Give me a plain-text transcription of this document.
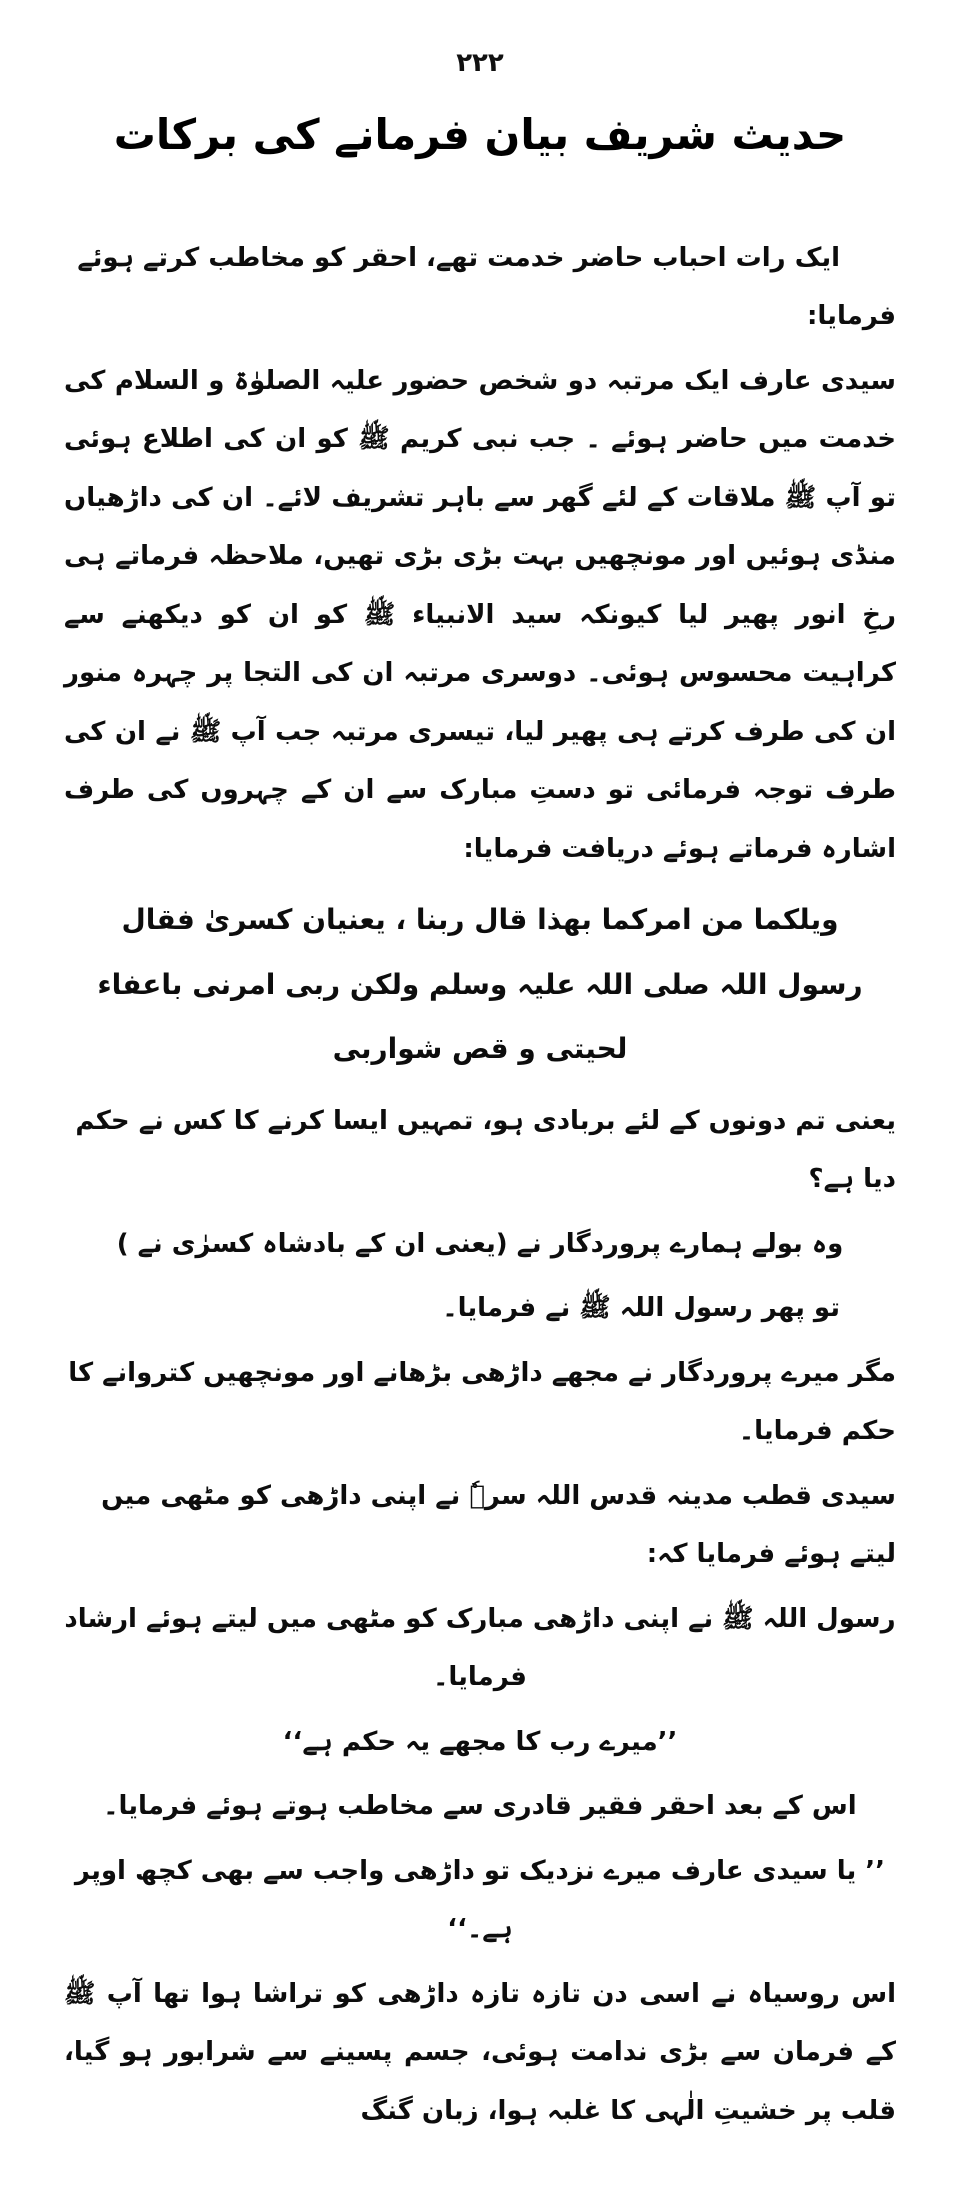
۲۲۲
حدیث شریف بیان فرمانے کی برکات

ایک رات احباب حاضر خدمت تھے، احقر کو مخاطب کرتے ہوئے فرمایا:

سیدی عارف ایک مرتبہ دو شخص حضور علیہ الصلوٰۃ و السلام کی خدمت میں حاضر ہوئے ۔ جب نبی کریم ﷺ کو ان کی اطلاع ہوئی تو آپ ﷺ ملاقات کے لئے گھر سے باہر تشریف لائے۔ ان کی داڑھیاں منڈی ہوئیں اور مونچھیں بہت بڑی بڑی تھیں، ملاحظہ فرماتے ہی رخِ انور پھیر لیا کیونکہ سید الانبیاء ﷺ کو ان کو دیکھنے سے کراہیت محسوس ہوئی۔ دوسری مرتبہ ان کی التجا پر چہرہ منور ان کی طرف کرتے ہی پھیر لیا، تیسری مرتبہ جب آپ ﷺ نے ان کی طرف توجہ فرمائی تو دستِ مبارک سے ان کے چہروں کی طرف اشارہ فرماتے ہوئے دریافت فرمایا:

ویلکما من امرکما بھذا قال ربنا ، یعنیان کسریٰ فقال رسول اللہ صلی اللہ علیہ وسلم ولکن ربی امرنی باعفاء لحیتی و قص شواربی

یعنی تم دونوں کے لئے بربادی ہو، تمہیں ایسا کرنے کا کس نے حکم دیا ہے؟

وہ بولے ہمارے پروردگار نے (یعنی ان کے بادشاہ کسرٰی نے )

تو پھر رسول اللہ ﷺ نے فرمایا۔

مگر میرے پروردگار نے مجھے داڑھی بڑھانے اور مونچھیں کتروانے کا حکم فرمایا۔

سیدی قطب مدینہ قدس اللہ سرہٗ نے اپنی داڑھی کو مٹھی میں لیتے ہوئے فرمایا کہ:

رسول اللہ ﷺ نے اپنی داڑھی مبارک کو مٹھی میں لیتے ہوئے ارشاد فرمایا۔

’’میرے رب کا مجھے یہ حکم ہے‘‘

اس کے بعد احقر فقیر قادری سے مخاطب ہوتے ہوئے فرمایا۔

’’ یا سیدی عارف میرے نزدیک تو داڑھی واجب سے بھی کچھ اوپر ہے۔‘‘

اس روسیاہ نے اسی دن تازہ تازہ داڑھی کو تراشا ہوا تھا آپ ﷺ کے فرمان سے بڑی ندامت ہوئی، جسم پسینے سے شرابور ہو گیا، قلب پر خشیتِ الٰہی کا غلبہ ہوا، زبان گنگ
